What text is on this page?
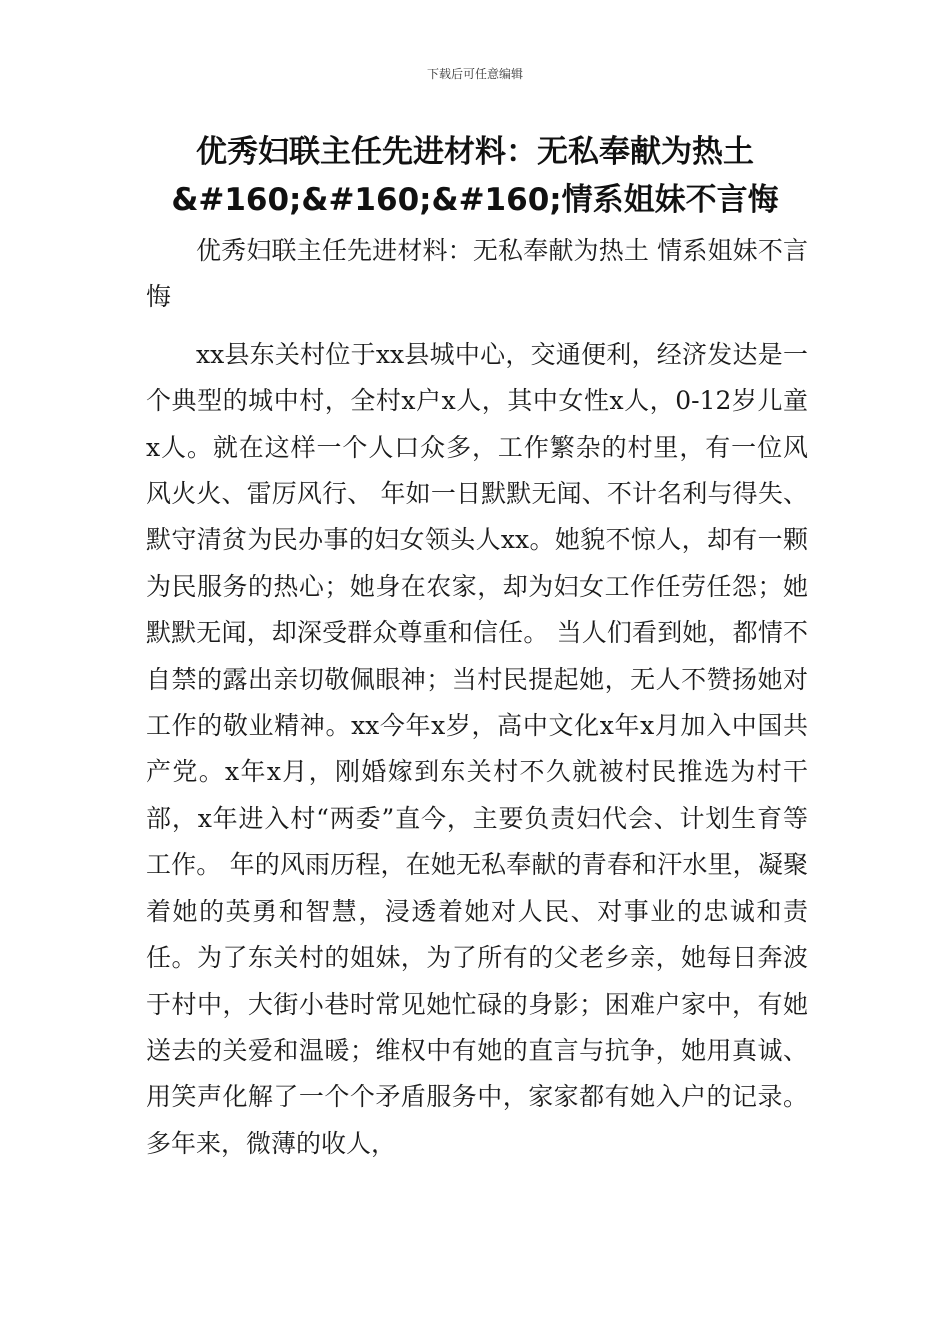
下载后可任意编辑
优秀妇联主任先进材料：无私奉献为热土&#160;&#160;&#160;情系姐妹不言悔

优秀妇联主任先进材料：无私奉献为热土 情系姐妹不言悔

xx县东关村位于xx县城中心，交通便利，经济发达是一个典型的城中村，全村x户x人，其中女性x人，0-12岁儿童x人。就在这样一个人口众多，工作繁杂的村里，有一位风风火火、雷厉风行、 年如一日默默无闻、不计名利与得失、默守清贫为民办事的妇女领头人xx。她貌不惊人，却有一颗为民服务的热心；她身在农家，却为妇女工作任劳任怨；她默默无闻，却深受群众尊重和信任。 当人们看到她，都情不自禁的露出亲切敬佩眼神；当村民提起她，无人不赞扬她对工作的敬业精神。xx今年x岁，高中文化x年x月加入中国共产党。x年x月，刚婚嫁到东关村不久就被村民推选为村干部，x年进入村“两委”直今，主要负责妇代会、计划生育等工作。 年的风雨历程，在她无私奉献的青春和汗水里，凝聚着她的英勇和智慧，浸透着她对人民、对事业的忠诚和责任。为了东关村的姐妹，为了所有的父老乡亲，她每日奔波于村中，大街小巷时常见她忙碌的身影；困难户家中，有她送去的关爱和温暖；维权中有她的直言与抗争，她用真诚、用笑声化解了一个个矛盾服务中，家家都有她入户的记录。多年来，微薄的收人，
